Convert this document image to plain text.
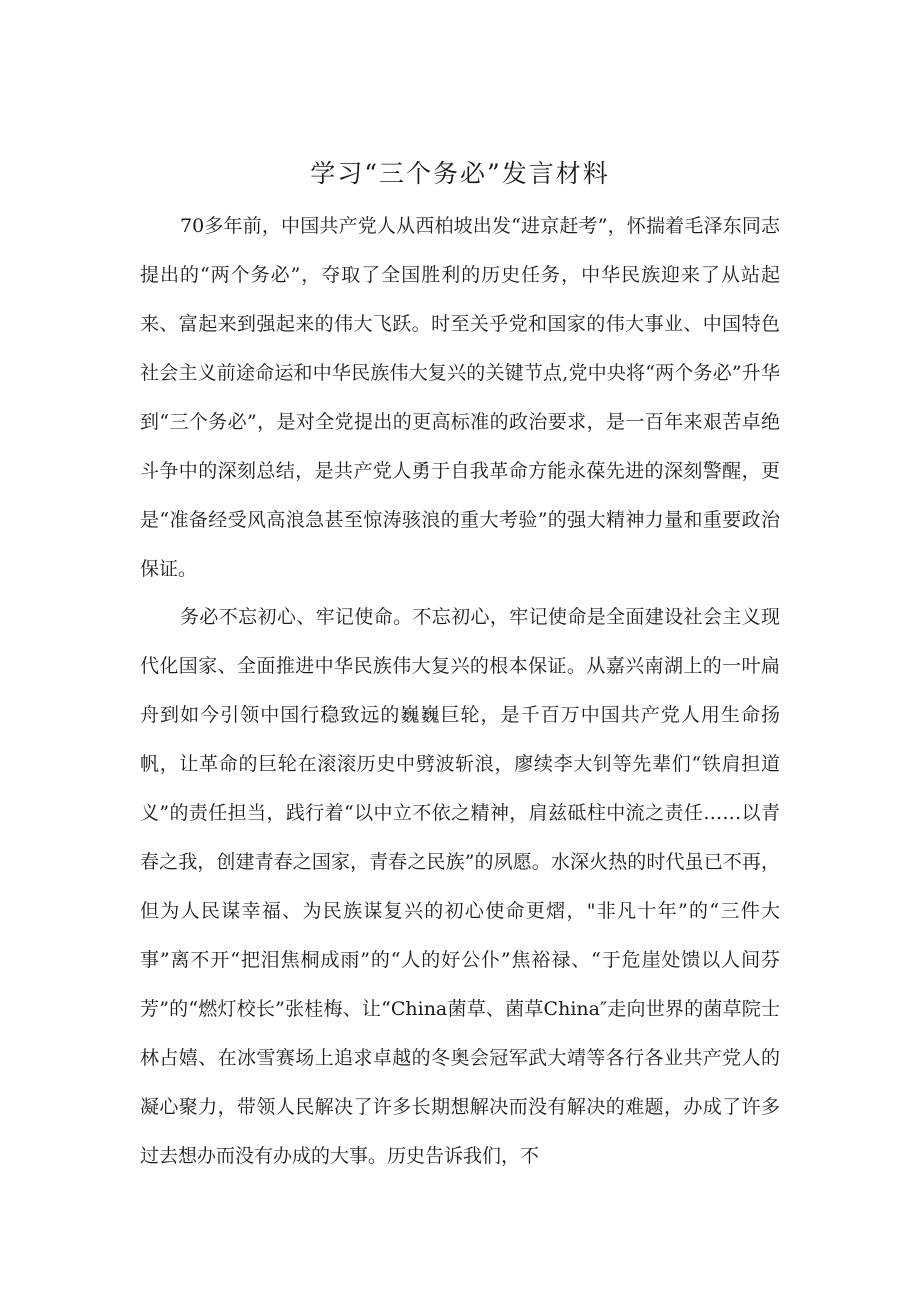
学习“三个务必”发言材料

70多年前，中国共产党人从西柏坡出发“进京赶考”，怀揣着毛泽东同志提出的“两个务必”，夺取了全国胜利的历史任务，中华民族迎来了从站起来、富起来到强起来的伟大飞跃。时至关乎党和国家的伟大事业、中国特色社会主义前途命运和中华民族伟大复兴的关键节点,党中央将“两个务必”升华到“三个务必”，是对全党提出的更高标准的政治要求，是一百年来艰苦卓绝斗争中的深刻总结，是共产党人勇于自我革命方能永葆先进的深刻警醒，更是“准备经受风高浪急甚至惊涛骇浪的重大考验”的强大精神力量和重要政治保证。

务必不忘初心、牢记使命。不忘初心，牢记使命是全面建设社会主义现代化国家、全面推进中华民族伟大复兴的根本保证。从嘉兴南湖上的一叶扁舟到如今引领中国行稳致远的巍巍巨轮，是千百万中国共产党人用生命扬帆，让革命的巨轮在滚滚历史中劈波斩浪，廖续李大钊等先辈们“铁肩担道义”的责任担当，践行着“以中立不依之精神，肩兹砥柱中流之责任……以青春之我，创建青春之国家，青春之民族”的夙愿。水深火热的时代虽已不再，但为人民谋幸福、为民族谋复兴的初心使命更熠，"非凡十年”的“三件大事”离不开“把泪焦桐成雨”的“人的好公仆”焦裕禄、“于危崖处馈以人间芬芳”的“燃灯校长”张桂梅、让“China菌草、菌草China″走向世界的菌草院士林占嬉、在冰雪赛场上追求卓越的冬奥会冠军武大靖等各行各业共产党人的凝心聚力，带领人民解决了许多长期想解决而没有解决的难题，办成了许多过去想办而没有办成的大事。历史告诉我们，不
